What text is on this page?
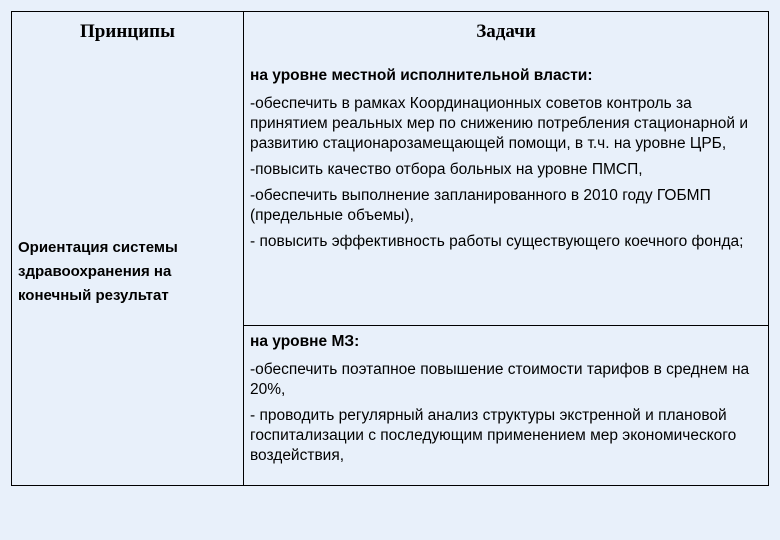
Принципы	Задачи

Ориентация системы здравоохранения на конечный результат

на уровне местной исполнительной власти:

-обеспечить в рамках Координационных советов контроль за принятием реальных мер по снижению потребления стационарной и развитию стационарозамещающей помощи, в т.ч. на уровне ЦРБ,

-повысить качество отбора больных на уровне ПМСП,

-обеспечить выполнение запланированного в 2010 году ГОБМП (предельные объемы),

- повысить эффективность работы существующего коечного фонда;

на уровне МЗ:

-обеспечить поэтапное повышение стоимости тарифов в среднем на 20%,

- проводить регулярный анализ структуры экстренной и плановой госпитализации с последующим применением мер экономического воздействия,
